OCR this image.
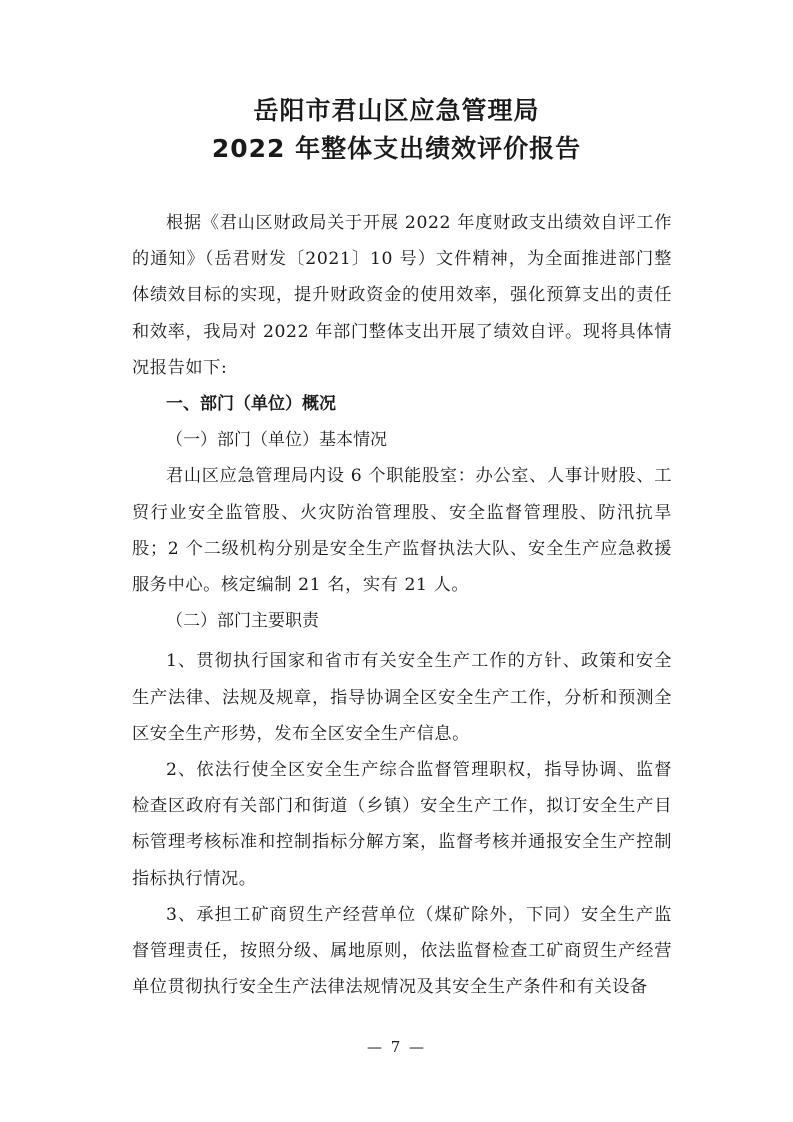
岳阳市君山区应急管理局
2022 年整体支出绩效评价报告

根据《君山区财政局关于开展 2022 年度财政支出绩效自评工作的通知》（岳君财发〔2021〕10 号）文件精神，为全面推进部门整体绩效目标的实现，提升财政资金的使用效率，强化预算支出的责任和效率，我局对 2022 年部门整体支出开展了绩效自评。现将具体情况报告如下:

一、部门（单位）概况

（一）部门（单位）基本情况

君山区应急管理局内设 6 个职能股室：办公室、人事计财股、工贸行业安全监管股、火灾防治管理股、安全监督管理股、防汛抗旱股；2 个二级机构分别是安全生产监督执法大队、安全生产应急救援服务中心。核定编制 21 名，实有 21 人。

（二）部门主要职责

1、贯彻执行国家和省市有关安全生产工作的方针、政策和安全生产法律、法规及规章，指导协调全区安全生产工作，分析和预测全区安全生产形势，发布全区安全生产信息。

2、依法行使全区安全生产综合监督管理职权，指导协调、监督检查区政府有关部门和街道（乡镇）安全生产工作，拟订安全生产目标管理考核标准和控制指标分解方案，监督考核并通报安全生产控制指标执行情况。

3、承担工矿商贸生产经营单位（煤矿除外，下同）安全生产监督管理责任，按照分级、属地原则，依法监督检查工矿商贸生产经营单位贯彻执行安全生产法律法规情况及其安全生产条件和有关设备

— 7 —
